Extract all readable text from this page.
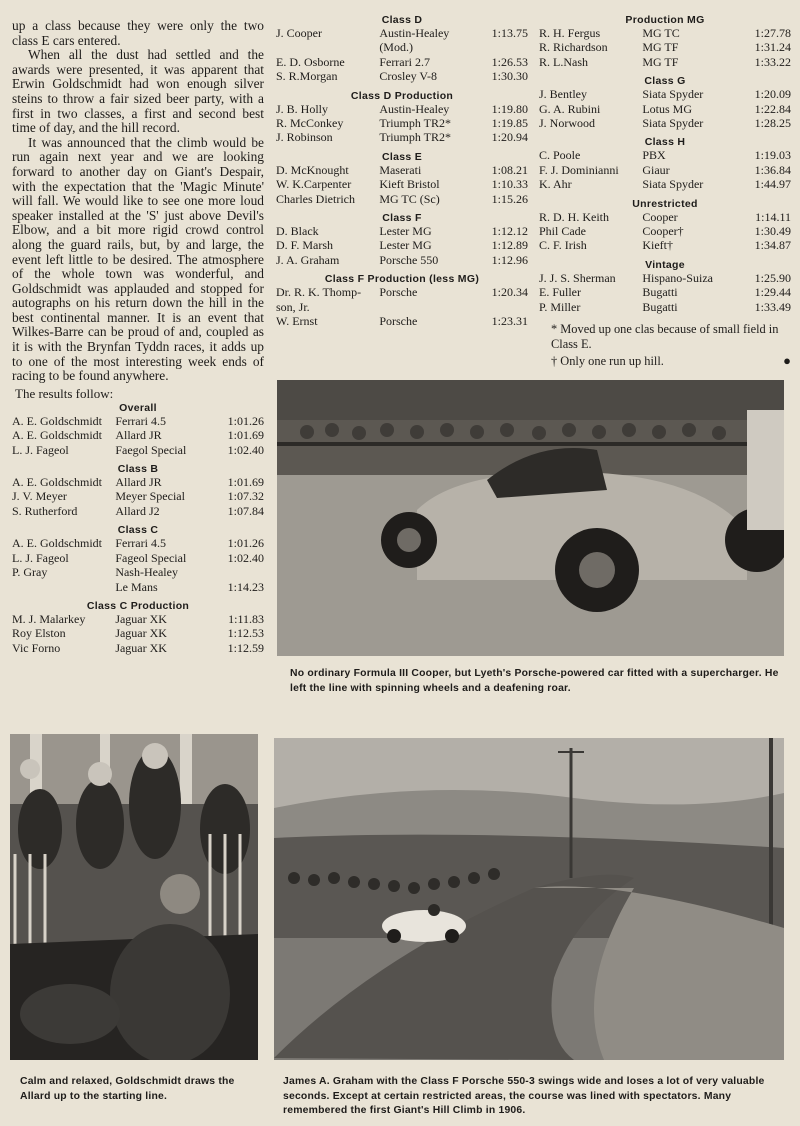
up a class because they were only the two class E cars entered.

When all the dust had settled and the awards were presented, it was apparent that Erwin Goldschmidt had won enough silver steins to throw a fair sized beer party, with a first in two classes, a first and second best time of day, and the hill record.

It was announced that the climb would be run again next year and we are looking forward to another day on Giant's Despair, with the expectation that the 'Magic Minute' will fall. We would like to see one more loud speaker installed at the 'S' just above Devil's Elbow, and a bit more rigid crowd control along the guard rails, but, by and large, the event left little to be desired. The atmosphere of the whole town was wonderful, and Goldschmidt was applauded and stopped for autographs on his return down the hill in the best continental manner. It is an event that Wilkes-Barre can be proud of and, coupled as it is with the Brynfan Tyddn races, it adds up to one of the most interesting week ends of racing to be found anywhere.

The results follow:

Overall

A. E. Goldschmidt	Ferrari 4.5	1:01.26
A. E. Goldschmidt	Allard JR	1:01.69
L. J. Fageol	Faegol Special	1:02.40

Class B

A. E. Goldschmidt	Allard JR	1:01.69
J. V. Meyer	Meyer Special	1:07.32
S. Rutherford	Allard J2	1:07.84

Class C

A. E. Goldschmidt	Ferrari 4.5	1:01.26
L. J. Fageol	Fageol Special	1:02.40
P. Gray	Nash-Healey	
	Le Mans	1:14.23

Class C Production

M. J. Malarkey	Jaguar XK	1:11.83
Roy Elston	Jaguar XK	1:12.53
Vic Forno	Jaguar XK	1:12.59

Class D

J. Cooper	Austin-Healey	1:13.75
	(Mod.)	
E. D. Osborne	Ferrari 2.7	1:26.53
S. R.Morgan	Crosley V-8	1:30.30

Class D Production

J. B. Holly	Austin-Healey	1:19.80
R. McConkey	Triumph TR2*	1:19.85
J. Robinson	Triumph TR2*	1:20.94

Class E

D. McKnought	Maserati	1:08.21
W. K.Carpenter	Kieft Bristol	1:10.33
Charles Dietrich	MG TC (Sc)	1:15.26

Class F

D. Black	Lester MG	1:12.12
D. F. Marsh	Lester MG	1:12.89
J. A. Graham	Porsche 550	1:12.96

Class F Production (less MG)

Dr. R. K. Thomp-	Porsche	1:20.34
son, Jr.		
W. Ernst	Porsche	1:23.31

Production MG

R. H. Fergus	MG TC	1:27.78
R. Richardson	MG TF	1:31.24
R. L.Nash	MG TF	1:33.22

Class G

J. Bentley	Siata Spyder	1:20.09
G. A. Rubini	Lotus MG	1:22.84
J. Norwood	Siata Spyder	1:28.25

Class H

C. Poole	PBX	1:19.03
F. J. Dominianni	Giaur	1:36.84
K. Ahr	Siata Spyder	1:44.97

Unrestricted

R. D. H. Keith	Cooper	1:14.11
Phil Cade	Cooper†	1:30.49
C. F. Irish	Kieft†	1:34.87

Vintage

J. J. S. Sherman	Hispano-Suiza	1:25.90
E. Fuller	Bugatti	1:29.44
P. Miller	Bugatti	1:33.49

* Moved up one clas because of small field in Class E.

† Only one run up hill.	●

No ordinary Formula III Cooper, but Lyeth's Porsche-powered car fitted with a supercharger. He left the line with spinning wheels and a deafening roar.

Calm and relaxed, Goldschmidt draws the Allard up to the starting line.

James A. Graham with the Class F Porsche 550-3 swings wide and loses a lot of very valuable seconds. Except at certain restricted areas, the course was lined with spectators. Many remembered the first Giant's Hill Climb in 1906.
